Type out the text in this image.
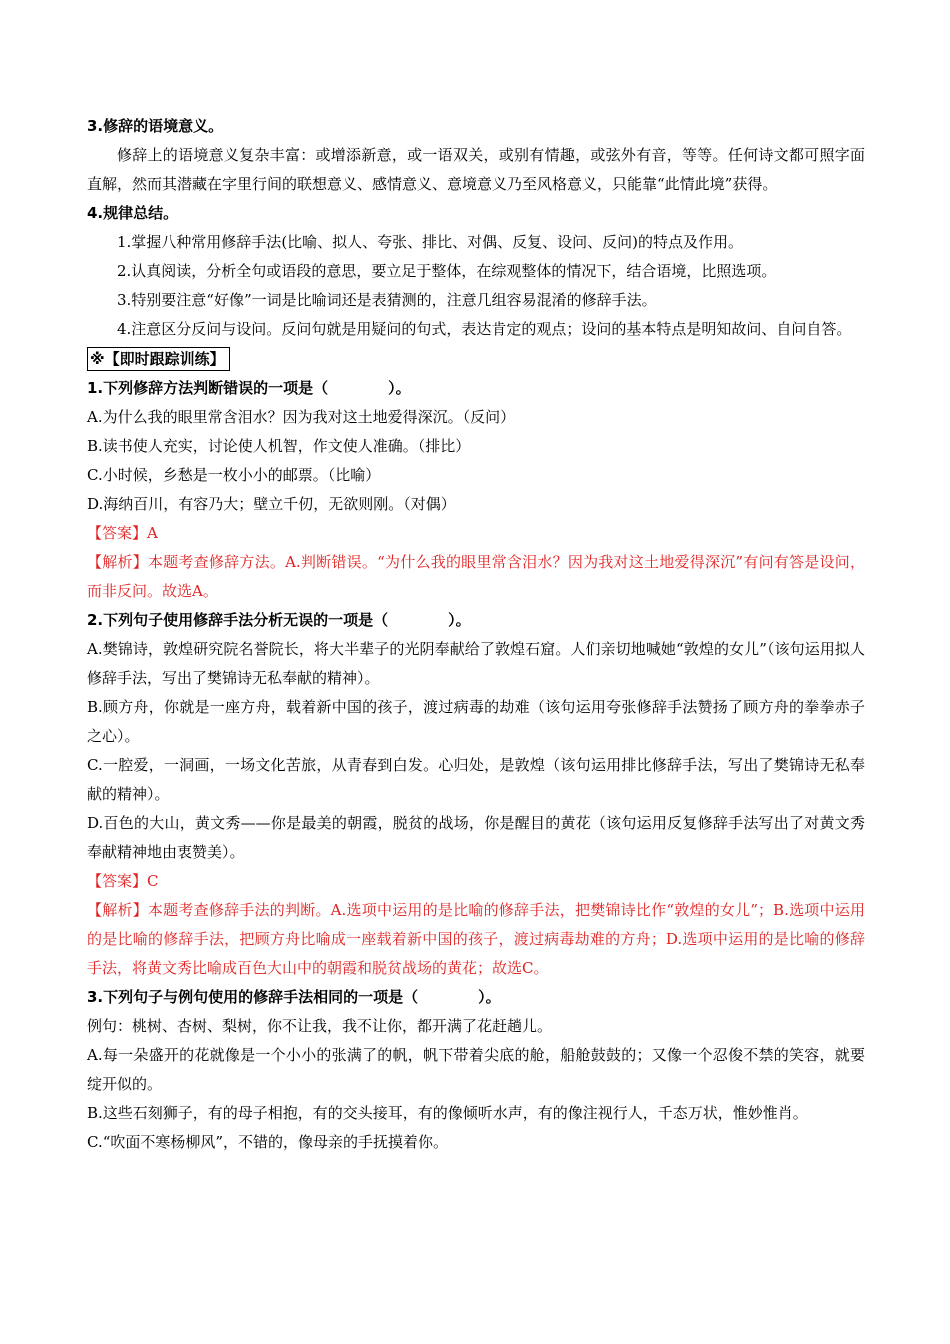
3.修辞的语境意义。

修辞上的语境意义复杂丰富：或增添新意，或一语双关，或别有情趣，或弦外有音，等等。任何诗文都可照字面直解，然而其潜藏在字里行间的联想意义、感情意义、意境意义乃至风格意义，只能靠“此情此境”获得。

4.规律总结。

1.掌握八种常用修辞手法(比喻、拟人、夸张、排比、对偶、反复、设问、反问)的特点及作用。

2.认真阅读，分析全句或语段的意思，要立足于整体，在综观整体的情况下，结合语境，比照选项。

3.特别要注意“好像”一词是比喻词还是表猜测的，注意几组容易混淆的修辞手法。

4.注意区分反问与设问。反问句就是用疑问的句式，表达肯定的观点；设问的基本特点是明知故问、自问自答。

※【即时跟踪训练】

1.下列修辞方法判断错误的一项是（　　　　）。

A.为什么我的眼里常含泪水？因为我对这土地爱得深沉。（反问）

B.读书使人充实，讨论使人机智，作文使人准确。（排比）

C.小时候，乡愁是一枚小小的邮票。（比喻）

D.海纳百川，有容乃大；壁立千仞，无欲则刚。（对偶）

【答案】A

【解析】本题考查修辞方法。A.判断错误。“为什么我的眼里常含泪水？因为我对这土地爱得深沉”有问有答是设问，而非反问。故选A。

2.下列句子使用修辞手法分析无误的一项是（　　　　）。

A.樊锦诗，敦煌研究院名誉院长，将大半辈子的光阴奉献给了敦煌石窟。人们亲切地喊她“敦煌的女儿”（该句运用拟人修辞手法，写出了樊锦诗无私奉献的精神）。

B.顾方舟，你就是一座方舟，载着新中国的孩子，渡过病毒的劫难（该句运用夸张修辞手法赞扬了顾方舟的拳拳赤子之心）。

C.一腔爱，一洞画，一场文化苦旅，从青春到白发。心归处，是敦煌（该句运用排比修辞手法，写出了樊锦诗无私奉献的精神）。

D.百色的大山，黄文秀——你是最美的朝霞，脱贫的战场，你是醒目的黄花（该句运用反复修辞手法写出了对黄文秀奉献精神地由衷赞美）。

【答案】C

【解析】本题考查修辞手法的判断。A.选项中运用的是比喻的修辞手法，把樊锦诗比作“敦煌的女儿”；B.选项中运用的是比喻的修辞手法，把顾方舟比喻成一座载着新中国的孩子，渡过病毒劫难的方舟；D.选项中运用的是比喻的修辞手法，将黄文秀比喻成百色大山中的朝霞和脱贫战场的黄花；故选C。

3.下列句子与例句使用的修辞手法相同的一项是（　　　　）。

例句：桃树、杏树、梨树，你不让我，我不让你，都开满了花赶趟儿。

A.每一朵盛开的花就像是一个小小的张满了的帆，帆下带着尖底的舱，船舱鼓鼓的；又像一个忍俊不禁的笑容，就要绽开似的。

B.这些石刻狮子，有的母子相抱，有的交头接耳，有的像倾听水声，有的像注视行人，千态万状，惟妙惟肖。

C.“吹面不寒杨柳风”，不错的，像母亲的手抚摸着你。
